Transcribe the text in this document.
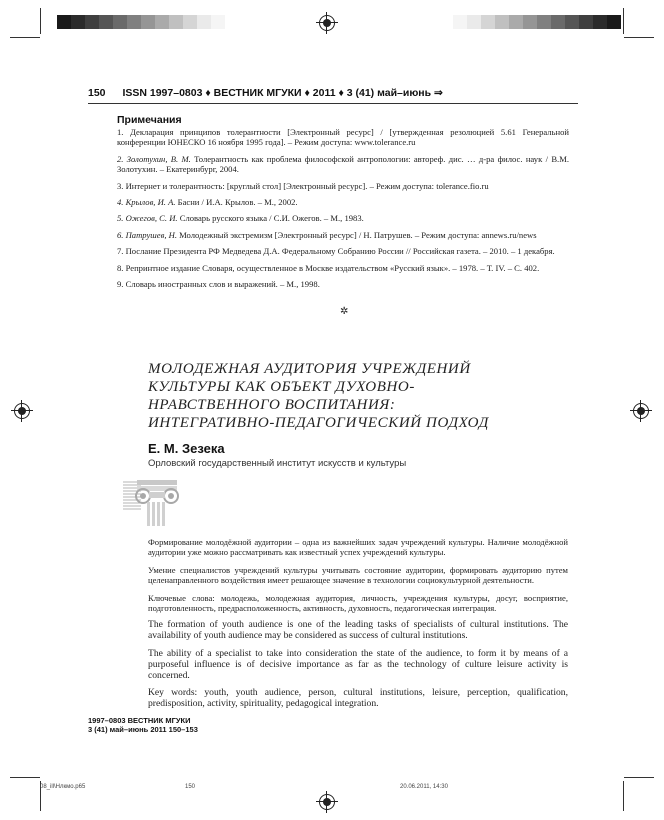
150 ISSN 1997–0803 ♦ ВЕСТНИК МГУКИ ♦ 2011 ♦ 3 (41) май–июнь ⇒
Примечания

1. Декларация принципов толерантности [Электронный ресурс] / [утвержденная резолюцией 5.61 Генеральной конференции ЮНЕСКО 16 ноября 1995 года]. – Режим доступа: www.tolerance.ru

2. Золотухин, В. М. Толерантность как проблема философской антропологии: автореф. дис. … д-ра филос. наук / В.М. Золотухин. – Екатеринбург, 2004.

3. Интернет и толерантность: [круглый стол] [Электронный ресурс]. – Режим доступа: tolerance.fio.ru

4. Крылов, И. А. Басни / И.А. Крылов. – М., 2002.

5. Ожегов, С. И. Словарь русского языка / С.И. Ожегов. – М., 1983.

6. Патрушев, Н. Молодежный экстремизм [Электронный ресурс] / Н. Патрушев. – Режим доступа: annews.ru/news

7. Послание Президента РФ Медведева Д.А. Федеральному Собранию России // Российская газета. – 2010. – 1 декабря.

8. Репринтное издание Словаря, осуществленное в Москве издательством «Русский язык». – 1978. – Т. IV. – С. 402.

9. Словарь иностранных слов и выражений. – М., 1998.

✲
МОЛОДЕЖНАЯ АУДИТОРИЯ УЧРЕЖДЕНИЙ
КУЛЬТУРЫ КАК ОБЪЕКТ ДУХОВНО-
НРАВСТВЕННОГО ВОСПИТАНИЯ:
ИНТЕГРАТИВНО-ПЕДАГОГИЧЕСКИЙ ПОДХОД
Е. М. Зезека
Орловский государственный институт искусств и культуры

Формирование молодёжной аудитории – одна из важнейших задач учреждений культуры. Наличие молодёжной аудитории уже можно рассматривать как известный успех учреждений культуры.

Умение специалистов учреждений культуры учитывать состояние аудитории, формировать аудиторию путем целенаправленного воздействия имеет решающее значение в технологии социокультурной деятельности.

Ключевые слова: молодежь, молодежная аудитория, личность, учреждения культуры, досуг, восприятие, подготовленность, предрасположенность, активность, духовность, педагогическая интеграция.

The formation of youth audience is one of the leading tasks of specialists of cultural institutions. The availability of youth audience may be considered as success of cultural institutions.

The ability of a specialist to take into consideration the state of the audience, to form it by means of a purposeful influence is of decisive importance as far as the technology of culture leisure activity is concerned.

Key words: youth, youth audience, person, cultural institutions, leisure, perception, qualification, predisposition, activity, spirituality, pedagogical integration.

1997–0803 ВЕСТНИК МГУКИ
3 (41) май–июнь 2011 150–153
08_ill\Нлкмо.p65	150	20.06.2011, 14:30
